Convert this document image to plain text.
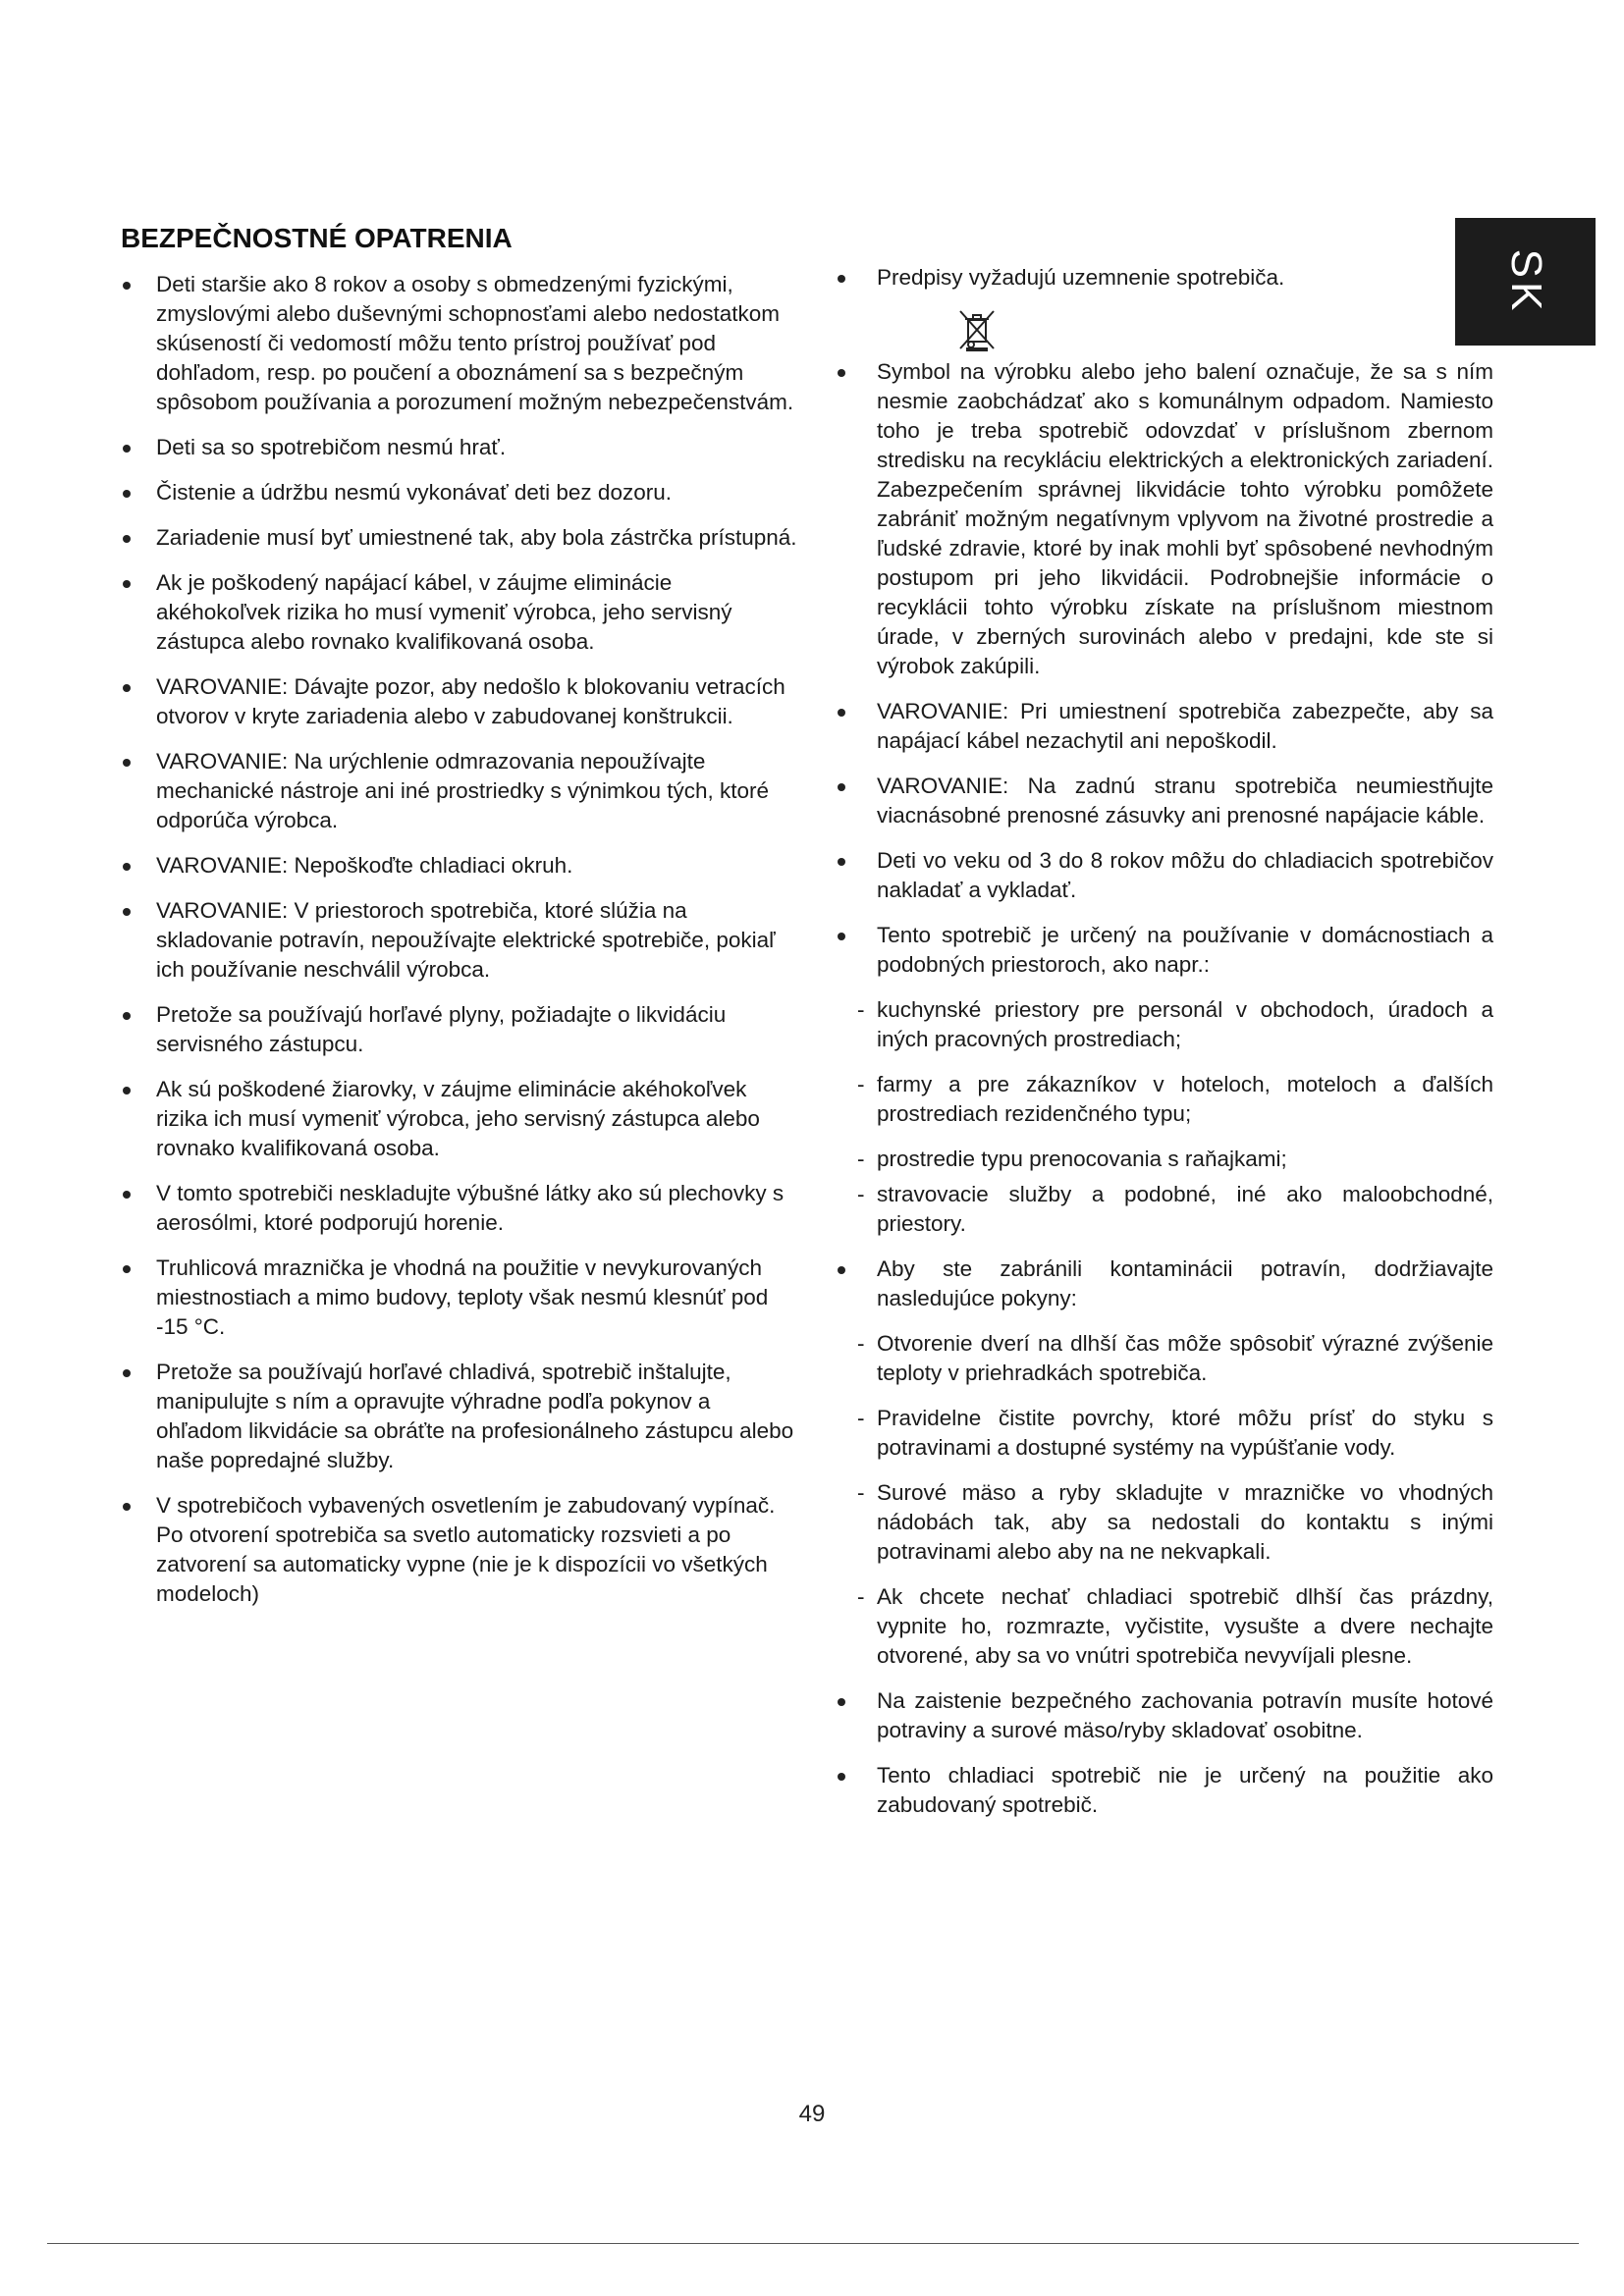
SK
BEZPEČNOSTNÉ OPATRENIA
Deti staršie ako 8 rokov a osoby s obmedzenými fyzickými, zmyslovými alebo duševnými schopnosťami alebo nedostatkom skúseností či vedomostí môžu tento prístroj používať pod dohľadom, resp. po poučení a oboznámení sa s bezpečným spôsobom používania a porozumení možným nebezpečenstvám.
Deti sa so spotrebičom nesmú hrať.
Čistenie a údržbu nesmú vykonávať deti bez dozoru.
Zariadenie musí byť umiestnené tak, aby bola zástrčka prístupná.
Ak je poškodený napájací kábel, v záujme eliminácie akéhokoľvek rizika ho musí vymeniť výrobca, jeho servisný zástupca alebo rovnako kvalifikovaná osoba.
VAROVANIE: Dávajte pozor, aby nedošlo k blokovaniu vetracích otvorov v kryte zariadenia alebo v zabudovanej konštrukcii.
VAROVANIE: Na urýchlenie odmrazovania nepoužívajte mechanické nástroje ani iné prostriedky s výnimkou tých, ktoré odporúča výrobca.
VAROVANIE: Nepoškoďte chladiaci okruh.
VAROVANIE: V priestoroch spotrebiča, ktoré slúžia na skladovanie potravín, nepoužívajte elektrické spotrebiče, pokiaľ ich používanie neschválil výrobca.
Pretože sa používajú horľavé plyny, požiadajte o likvidáciu servisného zástupcu.
Ak sú poškodené žiarovky, v záujme eliminácie akéhokoľvek rizika ich musí vymeniť výrobca, jeho servisný zástupca alebo rovnako kvalifikovaná osoba.
V tomto spotrebiči neskladujte výbušné látky ako sú plechovky s aerosólmi, ktoré podporujú horenie.
Truhlicová mraznička je vhodná na použitie v nevykurovaných miestnostiach a mimo budovy, teploty však nesmú klesnúť pod -15 °C.
Pretože sa používajú horľavé chladivá, spotrebič inštalujte, manipulujte s ním a opravujte výhradne podľa pokynov a ohľadom likvidácie sa obráťte na profesionálneho zástupcu alebo naše popredajné služby.
V spotrebičoch vybavených osvetlením je zabudovaný vypínač. Po otvorení spotrebiča sa svetlo automaticky rozsvieti a po zatvorení sa automaticky vypne (nie je k dispozícii vo všetkých modeloch)
Predpisy vyžadujú uzemnenie spotrebiča.
Symbol na výrobku alebo jeho balení označuje, že sa s ním nesmie zaobchádzať ako s komunálnym odpadom. Namiesto toho je treba spotrebič odovzdať v príslušnom zbernom stredisku na recykláciu elektrických a elektronických zariadení. Zabezpečením správnej likvidácie tohto výrobku pomôžete zabrániť možným negatívnym vplyvom na životné prostredie a ľudské zdravie, ktoré by inak mohli byť spôsobené nevhodným postupom pri jeho likvidácii. Podrobnejšie informácie o recyklácii tohto výrobku získate na príslušnom miestnom úrade, v zberných surovinách alebo v predajni, kde ste si výrobok zakúpili.
VAROVANIE: Pri umiestnení spotrebiča zabezpečte, aby sa napájací kábel nezachytil ani nepoškodil.
VAROVANIE: Na zadnú stranu spotrebiča neumiestňujte viacnásobné prenosné zásuvky ani prenosné napájacie káble.
Deti vo veku od 3 do 8 rokov môžu do chladiacich spotrebičov nakladať a vykladať.
Tento spotrebič je určený na používanie v domácnostiach a podobných priestoroch, ako napr.:
- kuchynské priestory pre personál v obchodoch, úradoch a iných pracovných prostrediach;
- farmy a pre zákazníkov v hoteloch, moteloch a ďalších prostrediach rezidenčného typu;
- prostredie typu prenocovania s raňajkami;
- stravovacie služby a podobné, iné ako maloobchodné, priestory.
Aby ste zabránili kontaminácii potravín, dodržiavajte nasledujúce pokyny:
- Otvorenie dverí na dlhší čas môže spôsobiť výrazné zvýšenie teploty v priehradkách spotrebiča.
- Pravidelne čistite povrchy, ktoré môžu prísť do styku s potravinami a dostupné systémy na vypúšťanie vody.
- Surové mäso a ryby skladujte v mrazničke vo vhodných nádobách tak, aby sa nedostali do kontaktu s inými potravinami alebo aby na ne nekvapkali.
- Ak chcete nechať chladiaci spotrebič dlhší čas prázdny, vypnite ho, rozmrazte, vyčistite, vysušte a dvere nechajte otvorené, aby sa vo vnútri spotrebiča nevyvíjali plesne.
Na zaistenie bezpečného zachovania potravín musíte hotové potraviny a surové mäso/ryby skladovať osobitne.
Tento chladiaci spotrebič nie je určený na použitie ako zabudovaný spotrebič.
49
